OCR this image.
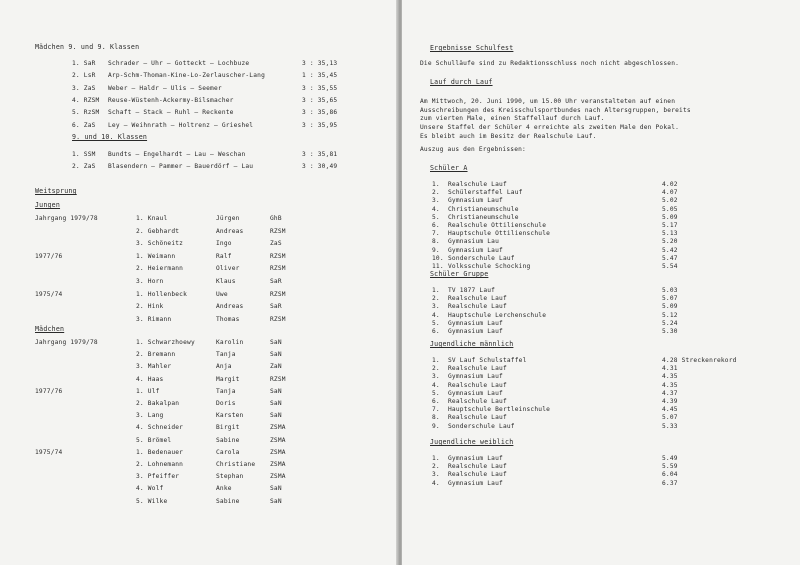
Mädchen 9. und 9. Klassen
1. SaR Schrader – Uhr – Gotteckt – Lochbuze	3 : 35,13
2. LsR Arp-Schm-Thoman-Kine-Lo-Zerlauscher-Lang	1 : 35,45
3. ZaS Weber – Haldr – Ulis – Seemer	3 : 35,55
4. RZSM Reuse-Wüstenh-Ackermy-Bilsmacher	3 : 35,65
5. RzSM Schaft – Stack – Ruhl – Reckente	3 : 35,86
6. ZaS Ley – Weihnrath – Holtrenz – Grieshel	3 : 35,95
9. und 10. Klassen
1. SSM Bundts – Engelhardt – Lau – Weschan	3 : 35,81
2. ZaS Blasendern – Pammer – Bauerdörf – Lau	3 : 30,49
Weitsprung
Jungen
Jahrgang 1979/78	1. Knaul	Jürgen	GhB
2. Gebhardt	Andreas	RZSM
3. Schöneitz	Ingo	ZaS
1977/76	1. Weimann	Ralf	RZSM
2. Heiermann	Oliver	RZSM
3. Horn	Klaus	SaR
1975/74	1. Hollenbeck	Uwe	RZSM
2. Hink	Andreas	SaR
3. Rimann	Thomas	RZSM
Mädchen
Jahrgang 1979/78	1. Schwarzhoewy	Karolin	SaN
2. Bremann	Tanja	SaN
3. Mahler	Anja	ZaN
4. Haas	Margit	RZSM
1977/76	1. Ulf	Tanja	SaN
2. Bakalpan	Doris	SaN
3. Lang	Karsten	SaN
4. Schneider	Birgit	ZSMA
5. Brömel	Sabine	ZSMA
1975/74	1. Bedenauer	Carola	ZSMA
2. Lohnemann	Christiane ZSMA
3. Pfeiffer	Stephan	ZSMA
4. Wolf	Anke	SaN
5. Wilke	Sabine	SaN
Ergebnisse Schulfest
Die Schulläufe sind zu Redaktionsschluss noch nicht abgeschlossen.
Lauf durch Lauf
Am Mittwoch, 20. Juni 1990, um 15.00 Uhr veranstalteten auf einen
Ausschreibungen des Kreisschulsportbundes nach Altersgruppen, bereits
zum vierten Male, einen Staffellauf durch Lauf.
Unsere Staffel der Schüler 4 erreichte als zweiten Male den Pokal.
Es bleibt auch im Besitz der Realschule Lauf.
Auszug aus den Ergebnissen:
Schüler A
1. Realschule Lauf	4.02
2. Schülerstaffel Lauf	4.07
3. Gymnasium Lauf	5.02
4. Christianeumschule	5.05
5. Christianeumschule	5.09
6. Realschule Ottilienschule	5.17
7. Hauptschule Ottilienschule	5.13
8. Gymnasium Lau	5.20
9. Gymnasium Lauf	5.42
10. Sonderschule Lauf	5.47
11. Volksschule Schocking	5.54
Schüler Gruppe
1. TV 1877 Lauf	5.03
2. Realschule Lauf	5.07
3. Realschule Lauf	5.09
4. Hauptschule Lerchenschule	5.12
5. Gymnasium Lauf	5.24
6. Gymnasium Lauf	5.30
Jugendliche männlich
1. SV Lauf Schulstaffel	4.28 Streckenrekord
2. Realschule Lauf	4.31
3. Gymnasium Lauf	4.35
4. Realschule Lauf	4.35
5. Gymnasium Lauf	4.37
6. Realschule Lauf	4.39
7. Hauptschule Bertleinschule	4.45
8. Realschule Lauf	5.07
9. Sonderschule Lauf	5.33
Jugendliche weiblich
1. Gymnasium Lauf	5.49
2. Realschule Lauf	5.59
3. Realschule Lauf	6.04
4. Gymnasium Lauf	6.37
